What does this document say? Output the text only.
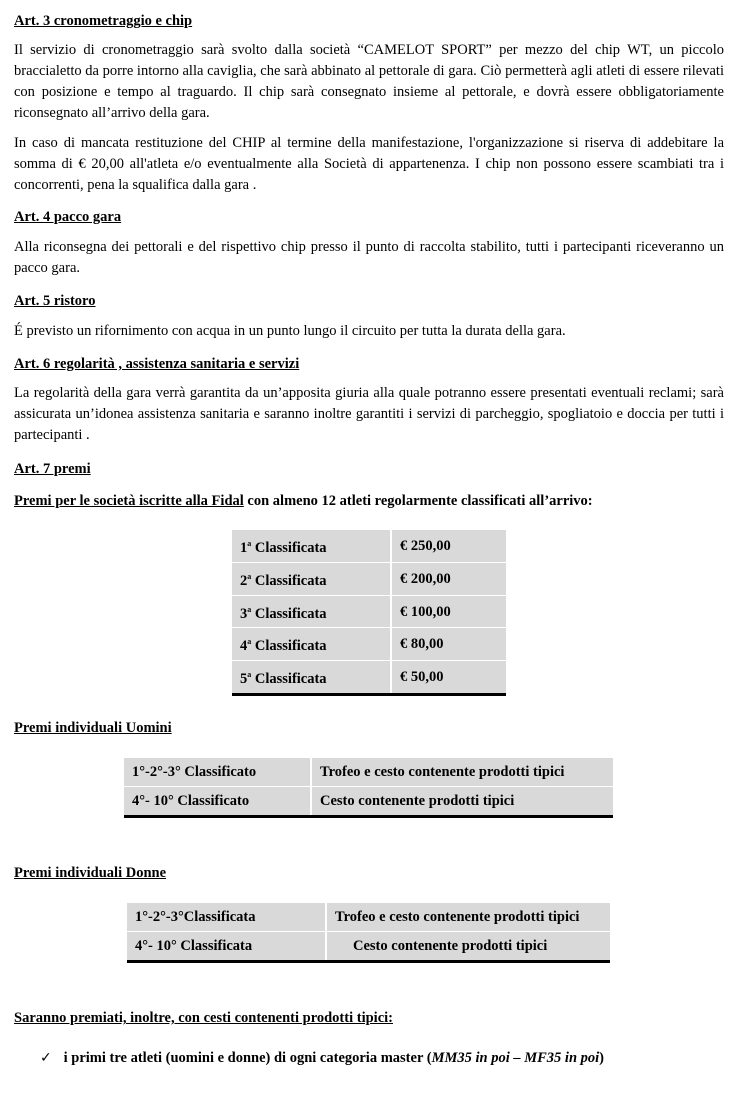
Art. 3 cronometraggio e chip

Il servizio di cronometraggio sarà svolto dalla società “CAMELOT SPORT” per mezzo del chip WT, un piccolo braccialetto da porre intorno alla caviglia, che sarà abbinato al pettorale di gara. Ciò permetterà agli atleti di essere rilevati con posizione e tempo al traguardo. Il chip sarà consegnato insieme al pettorale, e dovrà essere obbligatoriamente riconsegnato all’arrivo della gara.

In caso di mancata restituzione del CHIP al termine della manifestazione, l'organizzazione si riserva di addebitare la somma di € 20,00 all'atleta e/o eventualmente alla Società di appartenenza. I chip non possono essere scambiati tra i concorrenti, pena la squalifica dalla gara .

Art. 4 pacco gara

Alla riconsegna dei pettorali e del rispettivo chip presso il punto di raccolta stabilito, tutti i partecipanti riceveranno un pacco gara.

Art. 5 ristoro

É previsto un rifornimento con acqua in un punto lungo il circuito per tutta la durata della gara.

Art. 6 regolarità , assistenza sanitaria e servizi

La regolarità della gara verrà garantita da un’apposita giuria alla quale potranno essere presentati eventuali reclami; sarà assicurata un’idonea assistenza sanitaria e saranno inoltre garantiti i servizi di parcheggio, spogliatoio e doccia per tutti i partecipanti .

Art. 7 premi
Premi per le società iscritte alla Fidal con almeno 12 atleti regolarmente classificati all’arrivo:
1$^a$ Classificata	€ 250,00
2$^a$ Classificata	€ 200,00
3$^a$ Classificata	€ 100,00
4$^a$ Classificata	€ 80,00
5$^a$ Classificata	€ 50,00
Premi individuali Uomini
1°-2°-3° Classificato	Trofeo e cesto contenente prodotti tipici
4°- 10° Classificato	Cesto contenente prodotti tipici
Premi individuali Donne
1°-2°-3°Classificata	Trofeo e cesto contenente prodotti tipici
4°- 10° Classificata	Cesto contenente prodotti tipici
Saranno premiati, inoltre, con cesti contenenti prodotti tipici:
✓ i primi tre atleti (uomini e donne) di ogni categoria master (MM35 in poi – MF35 in poi)
